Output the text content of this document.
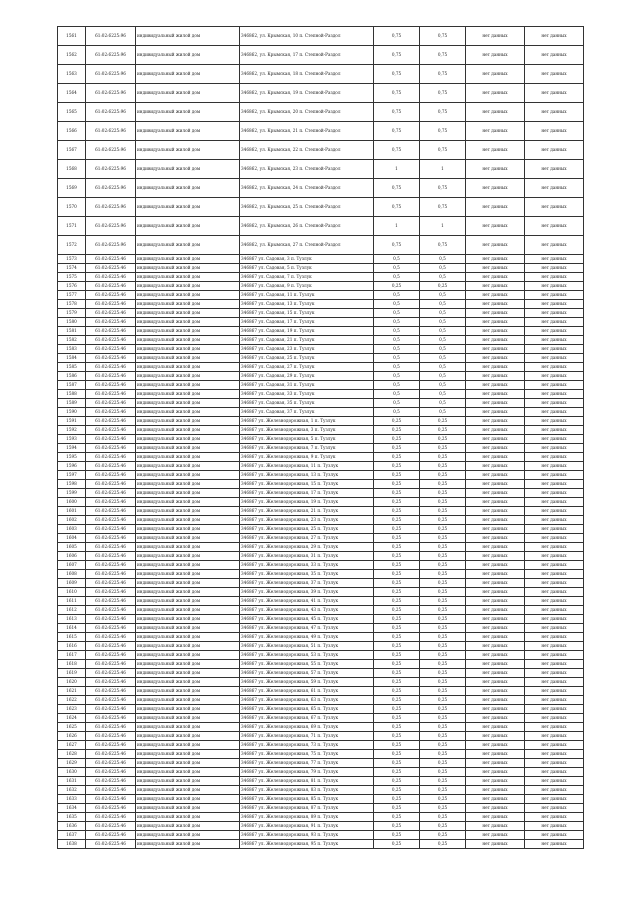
1561	61:02:6225:96	индивидуальный жилой дом	346862, ул. Крымская, 10 п. Степной-Раздол	0,75	0,75	нет данных	нет данных
1562	61:02:6225:96	индивидуальный жилой дом	346862, ул. Крымская, 17 п. Степной-Раздол	0,75	0,75	нет данных	нет данных
1563	61:02:6225:96	индивидуальный жилой дом	346862, ул. Крымская, 18 п. Степной-Раздол	0,75	0,75	нет данных	нет данных
1564	61:02:6225:96	индивидуальный жилой дом	346862, ул. Крымская, 19 п. Степной-Раздол	0,75	0,75	нет данных	нет данных
1565	61:02:6225:96	индивидуальный жилой дом	346862, ул. Крымская, 20 п. Степной-Раздол	0,75	0,75	нет данных	нет данных
1566	61:02:6225:96	индивидуальный жилой дом	346862, ул. Крымская, 21 п. Степной-Раздол	0,75	0,75	нет данных	нет данных
1567	61:02:6225:96	индивидуальный жилой дом	346862, ул. Крымская, 22 п. Степной-Раздол	0,75	0,75	нет данных	нет данных
1568	61:02:6225:96	индивидуальный жилой дом	346862, ул. Крымская, 23 п. Степной-Раздол	1	1	нет данных	нет данных
1569	61:02:6225:96	индивидуальный жилой дом	346862, ул. Крымская, 24 п. Степной-Раздол	0,75	0,75	нет данных	нет данных
1570	61:02:6225:96	индивидуальный жилой дом	346862, ул. Крымская, 25 п. Степной-Раздол	0,75	0,75	нет данных	нет данных
1571	61:02:6225:96	индивидуальный жилой дом	346862, ул. Крымская, 26 п. Степной-Раздол	1	1	нет данных	нет данных
1572	61:02:6225:96	индивидуальный жилой дом	346862, ул. Крымская, 27 п. Степной-Раздол	0,75	0,75	нет данных	нет данных
1573	61:02:6225:46	индивидуальный жилой дом	346867 ул. Садовая, 3 п. Тузлук	0,5	0,5	нет данных	нет данных
1574	61:02:6225:46	индивидуальный жилой дом	346867 ул. Садовая, 5 п. Тузлук	0,5	0,5	нет данных	нет данных
1575	61:02:6225:46	индивидуальный жилой дом	346867 ул. Садовая, 7 п. Тузлук	0,5	0,5	нет данных	нет данных
1576	61:02:6225:46	индивидуальный жилой дом	346867 ул. Садовая, 9 п. Тузлук	0,25	0,25	нет данных	нет данных
1577	61:02:6225:46	индивидуальный жилой дом	346867 ул. Садовая, 11 п. Тузлук	0,5	0,5	нет данных	нет данных
1578	61:02:6225:46	индивидуальный жилой дом	346867 ул. Садовая, 13 п. Тузлук	0,5	0,5	нет данных	нет данных
1579	61:02:6225:46	индивидуальный жилой дом	346867 ул. Садовая, 15 п. Тузлук	0,5	0,5	нет данных	нет данных
1580	61:02:6225:46	индивидуальный жилой дом	346867 ул. Садовая, 17 п. Тузлук	0,5	0,5	нет данных	нет данных
1581	61:02:6225:46	индивидуальный жилой дом	346867 ул. Садовая, 19 п. Тузлук	0,5	0,5	нет данных	нет данных
1582	61:02:6225:46	индивидуальный жилой дом	346867 ул. Садовая, 21 п. Тузлук	0,5	0,5	нет данных	нет данных
1583	61:02:6225:46	индивидуальный жилой дом	346867 ул. Садовая, 23 п. Тузлук	0,5	0,5	нет данных	нет данных
1584	61:02:6225:46	индивидуальный жилой дом	346867 ул. Садовая, 25 п. Тузлук	0,5	0,5	нет данных	нет данных
1585	61:02:6225:46	индивидуальный жилой дом	346867 ул. Садовая, 27 п. Тузлук	0,5	0,5	нет данных	нет данных
1586	61:02:6225:46	индивидуальный жилой дом	346867 ул. Садовая, 29 п. Тузлук	0,5	0,5	нет данных	нет данных
1587	61:02:6225:46	индивидуальный жилой дом	346867 ул. Садовая, 31 п. Тузлук	0,5	0,5	нет данных	нет данных
1588	61:02:6225:46	индивидуальный жилой дом	346867 ул. Садовая, 33 п. Тузлук	0,5	0,5	нет данных	нет данных
1589	61:02:6225:46	индивидуальный жилой дом	346867 ул. Садовая, 35 п. Тузлук	0,5	0,5	нет данных	нет данных
1590	61:02:6225:46	индивидуальный жилой дом	346867 ул. Садовая, 37 п. Тузлук	0,5	0,5	нет данных	нет данных
1591	61:02:6225:46	индивидуальный жилой дом	346867 ул. Железнодорожная, 1 п. Тузлук	0,25	0,25	нет данных	нет данных
1592	61:02:6225:46	индивидуальный жилой дом	346867 ул. Железнодорожная, 3 п. Тузлук	0,25	0,25	нет данных	нет данных
1593	61:02:6225:46	индивидуальный жилой дом	346867 ул. Железнодорожная, 5 п. Тузлук	0,25	0,25	нет данных	нет данных
1594	61:02:6225:46	индивидуальный жилой дом	346867 ул. Железнодорожная, 7 п. Тузлук	0,25	0,25	нет данных	нет данных
1595	61:02:6225:46	индивидуальный жилой дом	346867 ул. Железнодорожная, 9 п. Тузлук	0,25	0,25	нет данных	нет данных
1596	61:02:6225:46	индивидуальный жилой дом	346867 ул. Железнодорожная, 11 п. Тузлук	0,25	0,25	нет данных	нет данных
1597	61:02:6225:46	индивидуальный жилой дом	346867 ул. Железнодорожная, 13 п. Тузлук	0,25	0,25	нет данных	нет данных
1598	61:02:6225:46	индивидуальный жилой дом	346867 ул. Железнодорожная, 15 п. Тузлук	0,25	0,25	нет данных	нет данных
1599	61:02:6225:46	индивидуальный жилой дом	346867 ул. Железнодорожная, 17 п. Тузлук	0,25	0,25	нет данных	нет данных
1600	61:02:6225:46	индивидуальный жилой дом	346867 ул. Железнодорожная, 19 п. Тузлук	0,25	0,25	нет данных	нет данных
1601	61:02:6225:46	индивидуальный жилой дом	346867 ул. Железнодорожная, 21 п. Тузлук	0,25	0,25	нет данных	нет данных
1602	61:02:6225:46	индивидуальный жилой дом	346867 ул. Железнодорожная, 23 п. Тузлук	0,25	0,25	нет данных	нет данных
1603	61:02:6225:46	индивидуальный жилой дом	346867 ул. Железнодорожная, 25 п. Тузлук	0,25	0,25	нет данных	нет данных
1604	61:02:6225:46	индивидуальный жилой дом	346867 ул. Железнодорожная, 27 п. Тузлук	0,25	0,25	нет данных	нет данных
1605	61:02:6225:46	индивидуальный жилой дом	346867 ул. Железнодорожная, 29 п. Тузлук	0,25	0,25	нет данных	нет данных
1606	61:02:6225:46	индивидуальный жилой дом	346867 ул. Железнодорожная, 31 п. Тузлук	0,25	0,25	нет данных	нет данных
1607	61:02:6225:46	индивидуальный жилой дом	346867 ул. Железнодорожная, 33 п. Тузлук	0,25	0,25	нет данных	нет данных
1608	61:02:6225:46	индивидуальный жилой дом	346867 ул. Железнодорожная, 35 п. Тузлук	0,25	0,25	нет данных	нет данных
1609	61:02:6225:46	индивидуальный жилой дом	346867 ул. Железнодорожная, 37 п. Тузлук	0,25	0,25	нет данных	нет данных
1610	61:02:6225:46	индивидуальный жилой дом	346867 ул. Железнодорожная, 39 п. Тузлук	0,25	0,25	нет данных	нет данных
1611	61:02:6225:46	индивидуальный жилой дом	346867 ул. Железнодорожная, 41 п. Тузлук	0,25	0,25	нет данных	нет данных
1612	61:02:6225:46	индивидуальный жилой дом	346867 ул. Железнодорожная, 43 п. Тузлук	0,25	0,25	нет данных	нет данных
1613	61:02:6225:46	индивидуальный жилой дом	346867 ул. Железнодорожная, 45 п. Тузлук	0,25	0,25	нет данных	нет данных
1614	61:02:6225:46	индивидуальный жилой дом	346867 ул. Железнодорожная, 47 п. Тузлук	0,25	0,25	нет данных	нет данных
1615	61:02:6225:46	индивидуальный жилой дом	346867 ул. Железнодорожная, 49 п. Тузлук	0,25	0,25	нет данных	нет данных
1616	61:02:6225:46	индивидуальный жилой дом	346867 ул. Железнодорожная, 51 п. Тузлук	0,25	0,25	нет данных	нет данных
1617	61:02:6225:46	индивидуальный жилой дом	346867 ул. Железнодорожная, 53 п. Тузлук	0,25	0,25	нет данных	нет данных
1618	61:02:6225:46	индивидуальный жилой дом	346867 ул. Железнодорожная, 55 п. Тузлук	0,25	0,25	нет данных	нет данных
1619	61:02:6225:46	индивидуальный жилой дом	346867 ул. Железнодорожная, 57 п. Тузлук	0,25	0,25	нет данных	нет данных
1620	61:02:6225:46	индивидуальный жилой дом	346867 ул. Железнодорожная, 59 п. Тузлук	0,25	0,25	нет данных	нет данных
1621	61:02:6225:46	индивидуальный жилой дом	346867 ул. Железнодорожная, 61 п. Тузлук	0,25	0,25	нет данных	нет данных
1622	61:02:6225:46	индивидуальный жилой дом	346867 ул. Железнодорожная, 63 п. Тузлук	0,25	0,25	нет данных	нет данных
1623	61:02:6225:46	индивидуальный жилой дом	346867 ул. Железнодорожная, 65 п. Тузлук	0,25	0,25	нет данных	нет данных
1624	61:02:6225:46	индивидуальный жилой дом	346867 ул. Железнодорожная, 67 п. Тузлук	0,25	0,25	нет данных	нет данных
1625	61:02:6225:46	индивидуальный жилой дом	346867 ул. Железнодорожная, 69 п. Тузлук	0,25	0,25	нет данных	нет данных
1626	61:02:6225:46	индивидуальный жилой дом	346867 ул. Железнодорожная, 71 п. Тузлук	0,25	0,25	нет данных	нет данных
1627	61:02:6225:46	индивидуальный жилой дом	346867 ул. Железнодорожная, 73 п. Тузлук	0,25	0,25	нет данных	нет данных
1628	61:02:6225:46	индивидуальный жилой дом	346867 ул. Железнодорожная, 75 п. Тузлук	0,25	0,25	нет данных	нет данных
1629	61:02:6225:46	индивидуальный жилой дом	346867 ул. Железнодорожная, 77 п. Тузлук	0,25	0,25	нет данных	нет данных
1630	61:02:6225:46	индивидуальный жилой дом	346867 ул. Железнодорожная, 79 п. Тузлук	0,25	0,25	нет данных	нет данных
1631	61:02:6225:46	индивидуальный жилой дом	346867 ул. Железнодорожная, 81 п. Тузлук	0,25	0,25	нет данных	нет данных
1632	61:02:6225:46	индивидуальный жилой дом	346867 ул. Железнодорожная, 83 п. Тузлук	0,25	0,25	нет данных	нет данных
1633	61:02:6225:46	индивидуальный жилой дом	346867 ул. Железнодорожная, 85 п. Тузлук	0,25	0,25	нет данных	нет данных
1634	61:02:6225:46	индивидуальный жилой дом	346867 ул. Железнодорожная, 87 п. Тузлук	0,25	0,25	нет данных	нет данных
1635	61:02:6225:46	индивидуальный жилой дом	346867 ул. Железнодорожная, 89 п. Тузлук	0,25	0,25	нет данных	нет данных
1636	61:02:6225:46	индивидуальный жилой дом	346867 ул. Железнодорожная, 91 п. Тузлук	0,25	0,25	нет данных	нет данных
1637	61:02:6225:46	индивидуальный жилой дом	346867 ул. Железнодорожная, 93 п. Тузлук	0,25	0,25	нет данных	нет данных
1638	61:02:6225:46	индивидуальный жилой дом	346867 ул. Железнодорожная, 95 п. Тузлук	0,25	0,25	нет данных	нет данных
